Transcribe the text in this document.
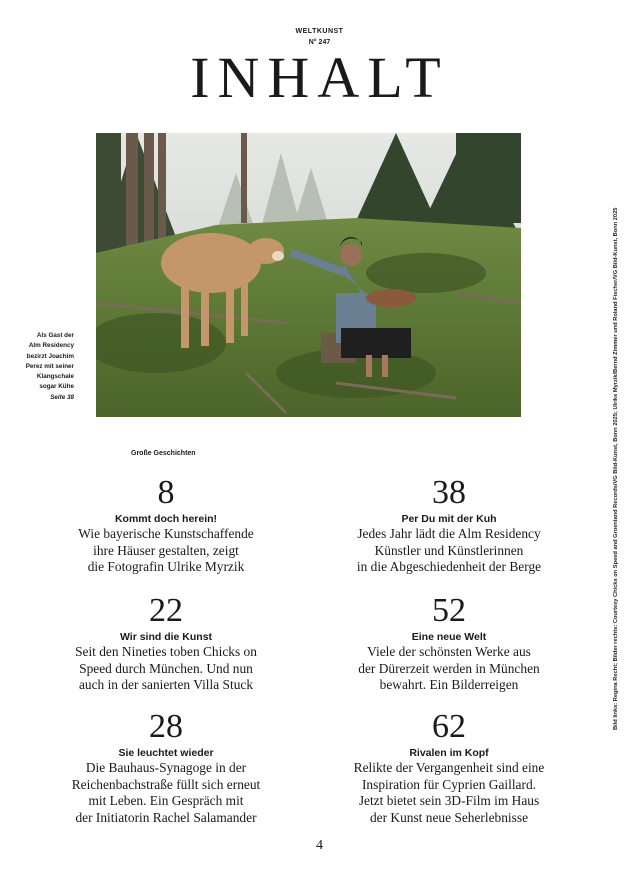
WELTKUNST
N° 247
INHALT
Als Gast der
Alm Residency
bezirzt Joachim
Perez mit seiner
Klangschale
sogar Kühe
Seite 38	Bild links: Regina Recht; Bilder rechts: Courtesy Chicks on Speed and Groenland Records/VG Bild-Kunst, Bonn 2025; Ulrike Myrzik/Bernd Zimmer und Roland Fischer/VG Bild-Kunst, Bonn 2025
Große Geschichten
8
Kommt doch herein!
Wie bayerische Kunstschaffende
ihre Häuser gestalten, zeigt
die Fotografin Ulrike Myrzik
38
Per Du mit der Kuh
Jedes Jahr lädt die Alm Residency
Künstler und Künstlerinnen
in die Abgeschiedenheit der Berge
22
Wir sind die Kunst
Seit den Nineties toben Chicks on
Speed durch München. Und nun
auch in der sanierten Villa Stuck
52
Eine neue Welt
Viele der schönsten Werke aus
der Dürerzeit werden in München
bewahrt. Ein Bilderreigen
28
Sie leuchtet wieder
Die Bauhaus-Synagoge in der
Reichenbachstraße füllt sich erneut
mit Leben. Ein Gespräch mit
der Initiatorin Rachel Salamander
62
Rivalen im Kopf
Relikte der Vergangenheit sind eine
Inspiration für Cyprien Gaillard.
Jetzt bietet sein 3D-Film im Haus
der Kunst neue Seherlebnisse
4
